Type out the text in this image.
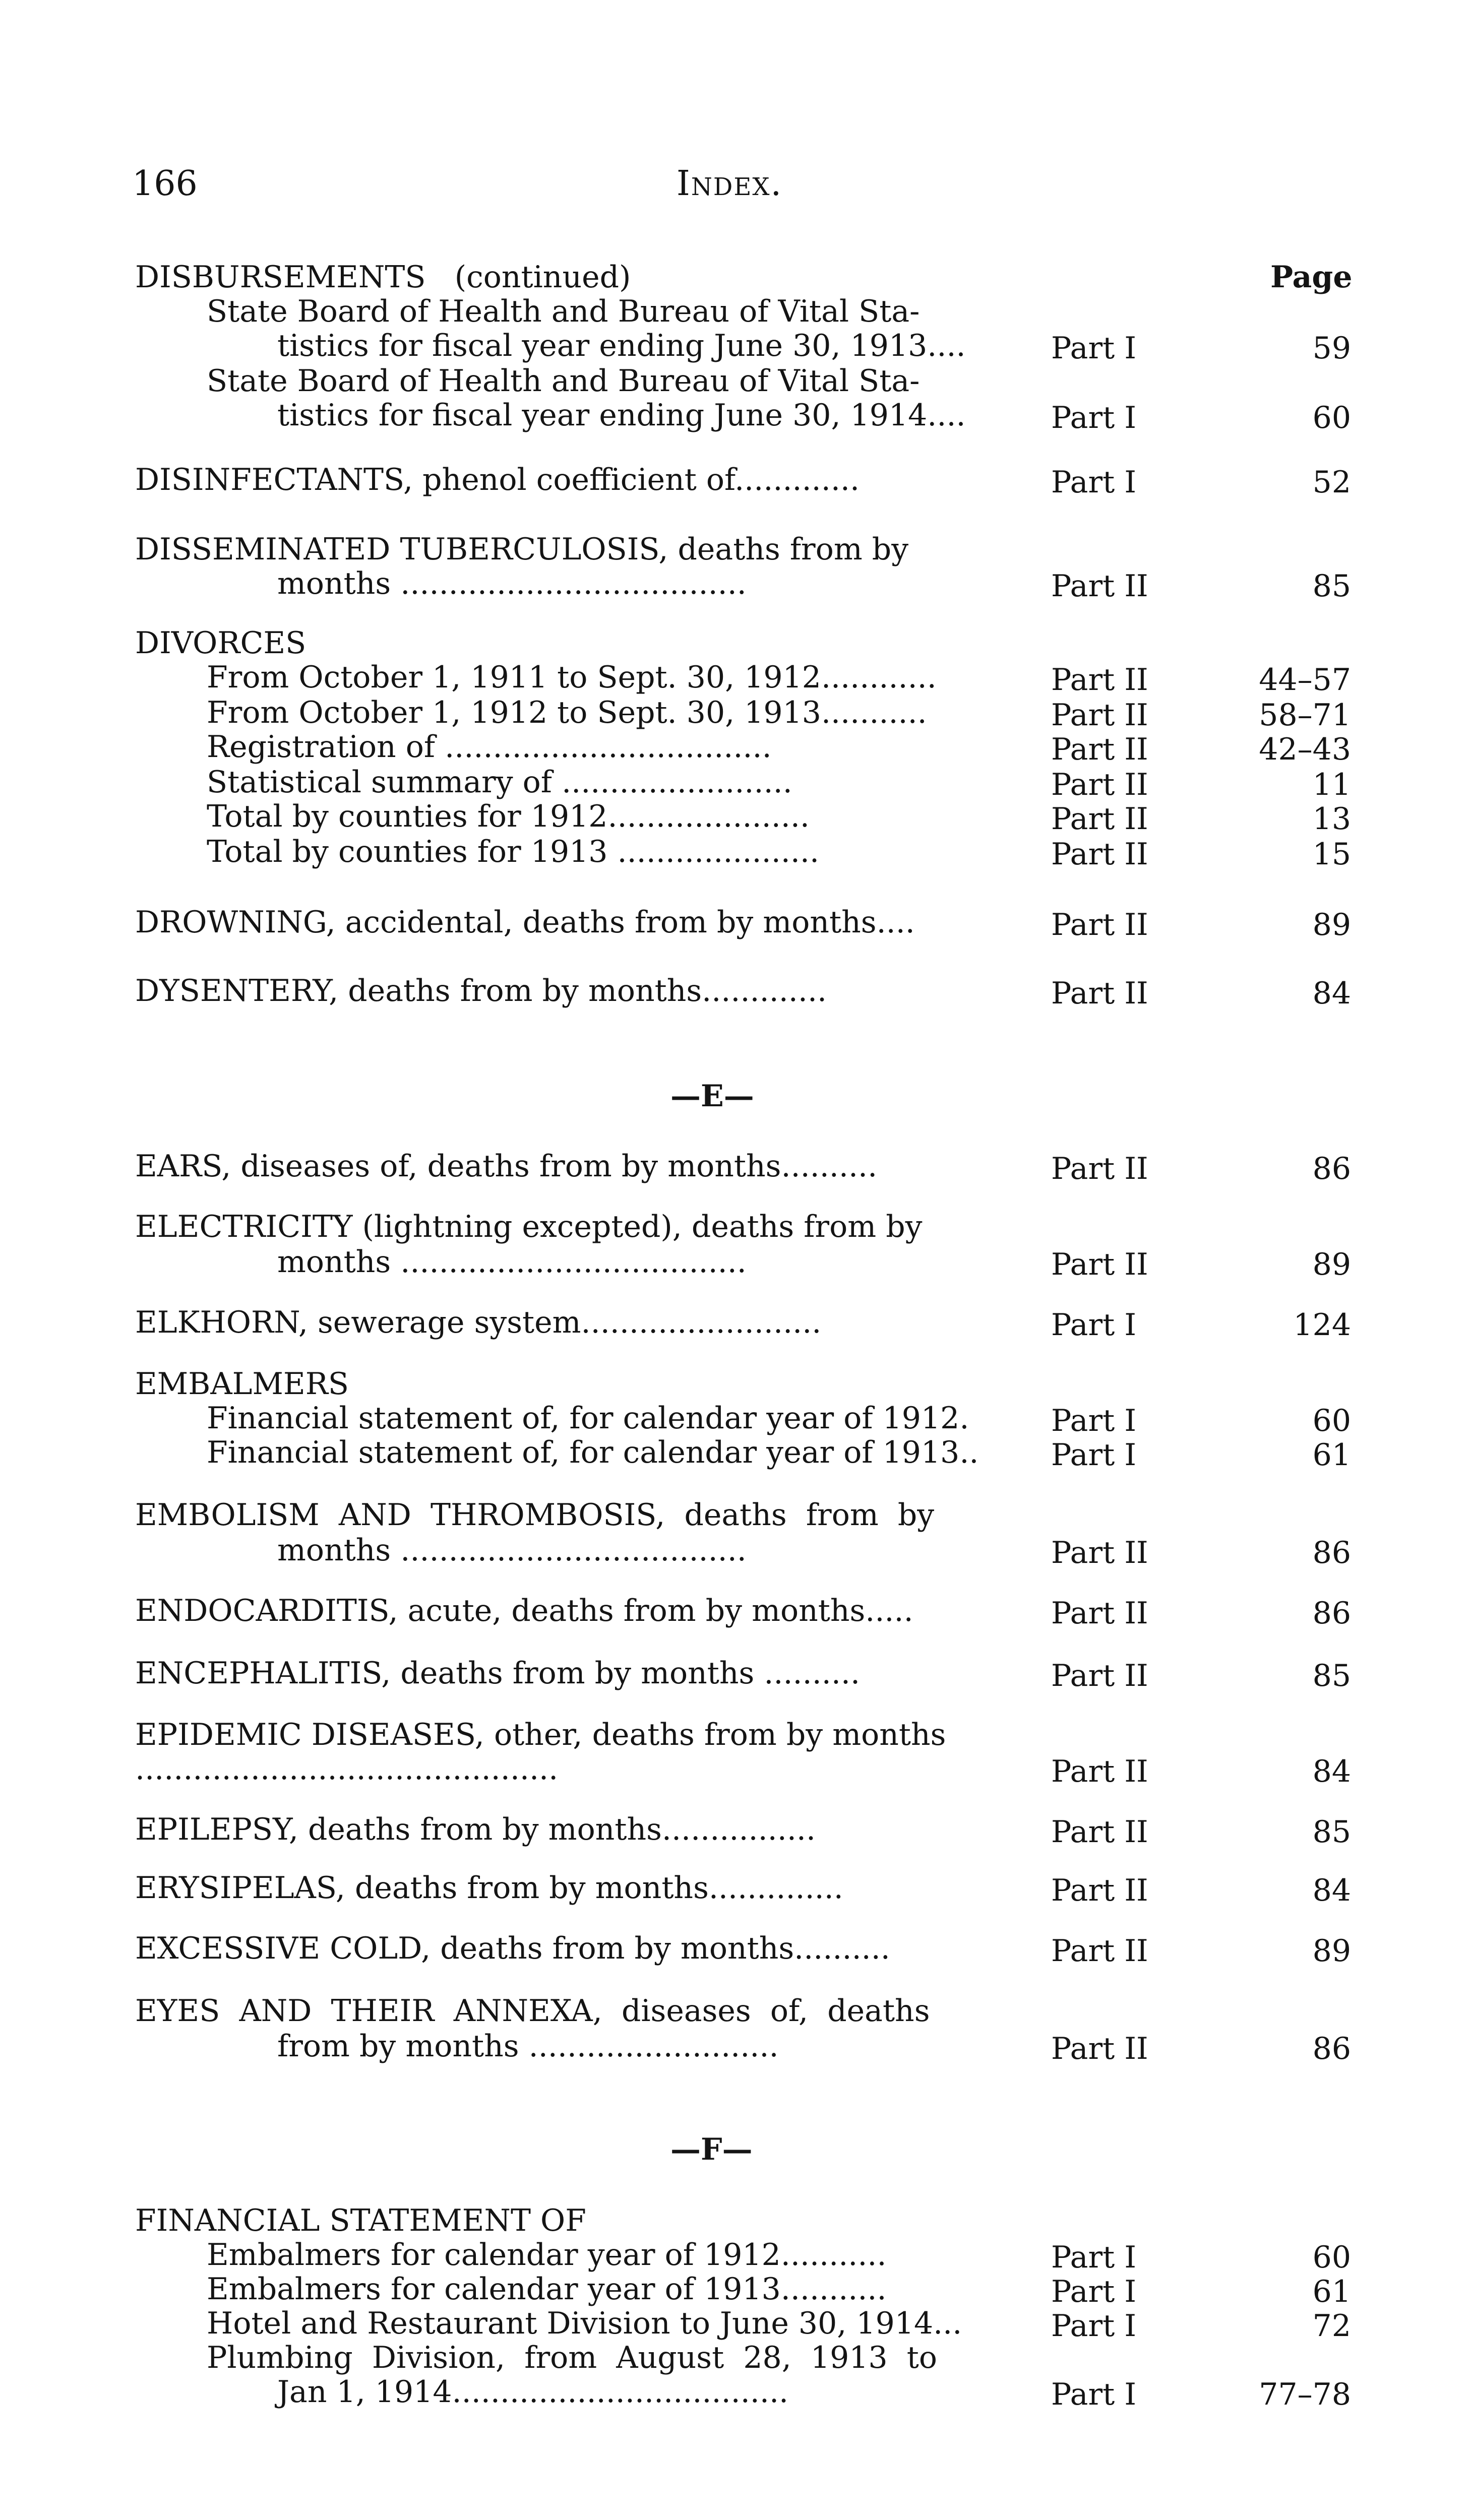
166	Index.
Page
DISBURSEMENTS   (continued)
State Board of Health and Bureau of Vital Sta-
tistics for fiscal year ending June 30, 1913....	Part I	59
State Board of Health and Bureau of Vital Sta-
tistics for fiscal year ending June 30, 1914....	Part I	60
DISINFECTANTS, phenol coefficient of.............	Part I	52
DISSEMINATED TUBERCULOSIS, deaths from by
months ....................................	Part II	85
DIVORCES
From October 1, 1911 to Sept. 30, 1912............	Part II	44–57
From October 1, 1912 to Sept. 30, 1913...........	Part II	58–71
Registration of ..................................	Part II	42–43
Statistical summary of ........................	Part II	11
Total by counties for 1912.....................	Part II	13
Total by counties for 1913 .....................	Part II	15
DROWNING, accidental, deaths from by months....	Part II	89
DYSENTERY, deaths from by months.............	Part II	84
—E—
EARS, diseases of, deaths from by months..........	Part II	86
ELECTRICITY (lightning excepted), deaths from by
months ....................................	Part II	89
ELKHORN, sewerage system.........................	Part I	124
EMBALMERS
Financial statement of, for calendar year of 1912.	Part I	60
Financial statement of, for calendar year of 1913.. Part I	61
EMBOLISM  AND  THROMBOSIS,  deaths  from  by
months ....................................	Part II	86
ENDOCARDITIS, acute, deaths from by months.....	Part II	86
ENCEPHALITIS, deaths from by months ..........	Part II	85
EPIDEMIC DISEASES, other, deaths from by months
............................................	Part II	84
EPILEPSY, deaths from by months................	Part II	85
ERYSIPELAS, deaths from by months..............	Part II	84
EXCESSIVE COLD, deaths from by months..........	Part II	89
EYES  AND  THEIR  ANNEXA,  diseases  of,  deaths
from by months ..........................	Part II	86
—F—
FINANCIAL STATEMENT OF
Embalmers for calendar year of 1912...........	Part I	60
Embalmers for calendar year of 1913...........	Part I	61
Hotel and Restaurant Division to June 30, 1914...	Part I	72
Plumbing  Division,  from  August  28,  1913  to
Jan 1, 1914...................................	Part I	77–78
